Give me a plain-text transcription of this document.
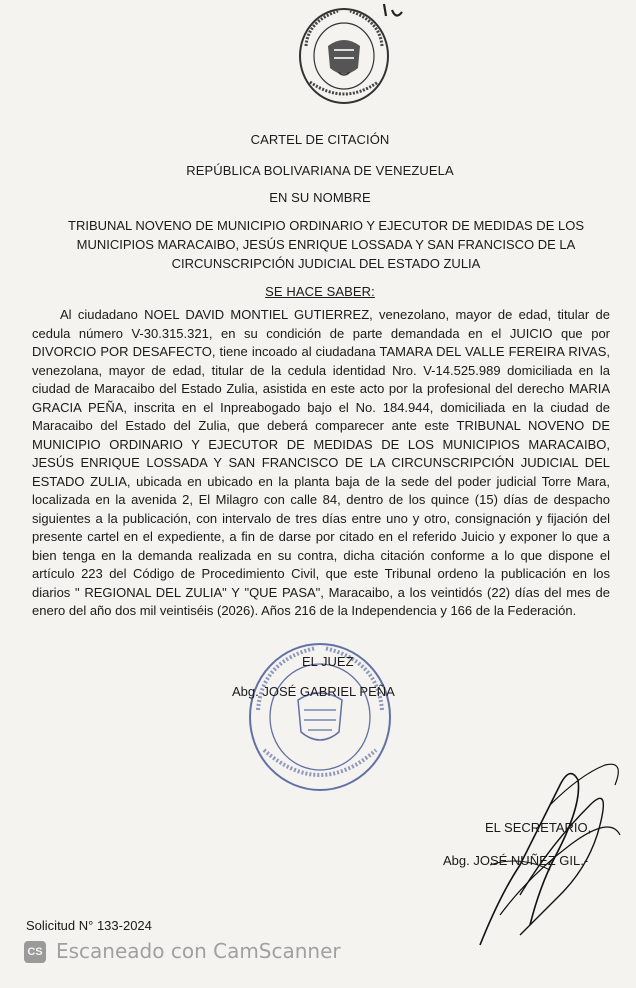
CARTEL DE CITACIÓN
REPÚBLICA BOLIVARIANA DE VENEZUELA
EN SU NOMBRE
TRIBUNAL NOVENO DE MUNICIPIO ORDINARIO Y EJECUTOR DE MEDIDAS DE LOS
MUNICIPIOS MARACAIBO, JESÚS ENRIQUE LOSSADA Y SAN FRANCISCO DE LA
CIRCUNSCRIPCIÓN JUDICIAL DEL ESTADO ZULIA
SE HACE SABER:
Al ciudadano NOEL DAVID MONTIEL GUTIERREZ, venezolano, mayor de edad, titular de cedula número V-30.315.321, en su condición de parte demandada en el JUICIO que por DIVORCIO POR DESAFECTO, tiene incoado al ciudadana TAMARA DEL VALLE FEREIRA RIVAS, venezolana, mayor de edad, titular de la cedula identidad Nro. V-14.525.989 domiciliada en la ciudad de Maracaibo del Estado Zulia, asistida en este acto por la profesional del derecho MARIA GRACIA PEÑA, inscrita en el Inpreabogado bajo el No. 184.944, domiciliada en la ciudad de Maracaibo del Estado del Zulia, que deberá comparecer ante este TRIBUNAL NOVENO DE MUNICIPIO ORDINARIO Y EJECUTOR DE MEDIDAS DE LOS MUNICIPIOS MARACAIBO, JESÚS ENRIQUE LOSSADA Y SAN FRANCISCO DE LA CIRCUNSCRIPCIÓN JUDICIAL DEL ESTADO ZULIA, ubicada en ubicado en la planta baja de la sede del poder judicial Torre Mara, localizada en la avenida 2, El Milagro con calle 84, dentro de los quince (15) días de despacho siguientes a la publicación, con intervalo de tres días entre uno y otro, consignación y fijación del presente cartel en el expediente, a fin de darse por citado en el referido Juicio y exponer lo que a bien tenga en la demanda realizada en su contra, dicha citación conforme a lo que dispone el artículo 223 del Código de Procedimiento Civil, que este Tribunal ordeno la publicación en los diarios " REGIONAL DEL ZULIA" Y "QUE PASA", Maracaibo, a los veintidós (22) días del mes de enero del año dos mil veintiséis (2026). Años 216 de la Independencia y 166 de la Federación.
EL JUEZ
Abg. JOSÉ GABRIEL PEÑA
EL SECRETARIO,
Abg. JOSÉ NÚÑEZ GIL.-
Solicitud N° 133-2024
CS Escaneado con CamScanner
